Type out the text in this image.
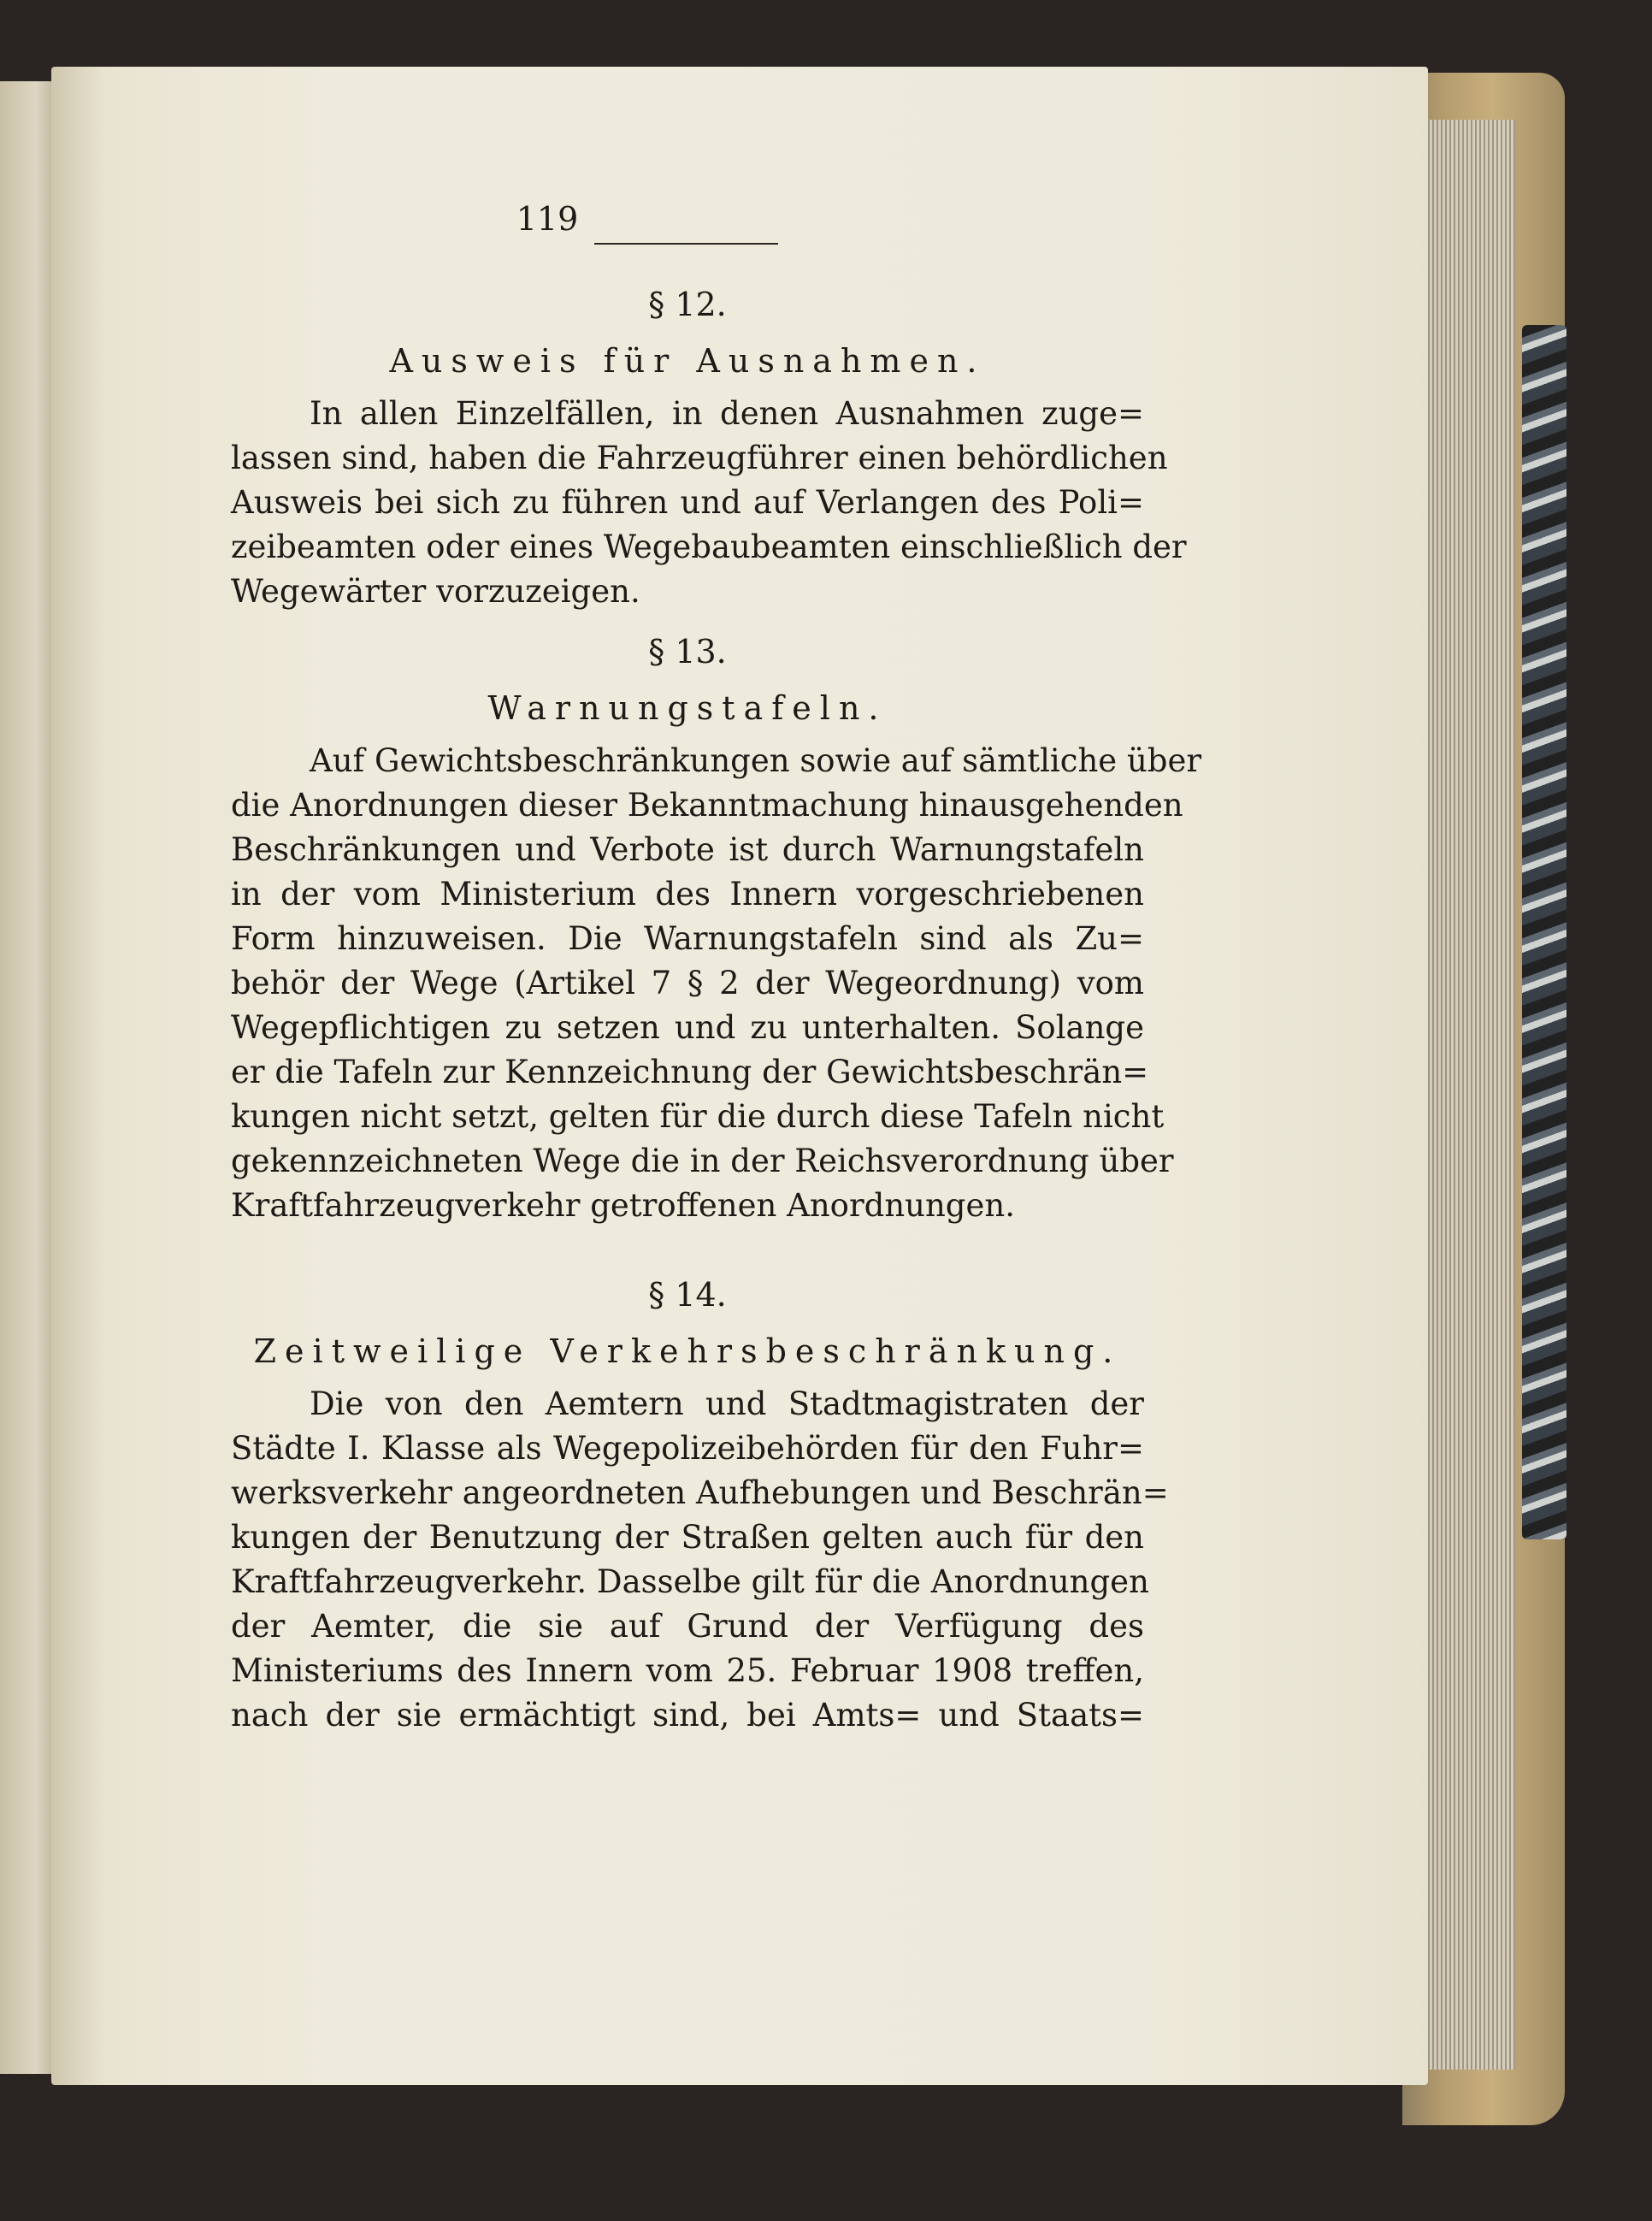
119
§ 12.
Ausweis für Ausnahmen.
In allen Einzelfällen, in denen Ausnahmen zuge=
lassen sind, haben die Fahrzeugführer einen behördlichen
Ausweis bei sich zu führen und auf Verlangen des Poli=
zeibeamten oder eines Wegebaubeamten einschließlich der
Wegewärter vorzuzeigen.
§ 13.
Warnungstafeln.
Auf Gewichtsbeschränkungen sowie auf sämtliche über
die Anordnungen dieser Bekanntmachung hinausgehenden
Beschränkungen und Verbote ist durch Warnungstafeln
in der vom Ministerium des Innern vorgeschriebenen
Form hinzuweisen. Die Warnungstafeln sind als Zu=
behör der Wege (Artikel 7 § 2 der Wegeordnung) vom
Wegepflichtigen zu setzen und zu unterhalten. Solange
er die Tafeln zur Kennzeichnung der Gewichtsbeschrän=
kungen nicht setzt, gelten für die durch diese Tafeln nicht
gekennzeichneten Wege die in der Reichsverordnung über
Kraftfahrzeugverkehr getroffenen Anordnungen.
§ 14.
Zeitweilige Verkehrsbeschränkung.
Die von den Aemtern und Stadtmagistraten der
Städte I. Klasse als Wegepolizeibehörden für den Fuhr=
werksverkehr angeordneten Aufhebungen und Beschrän=
kungen der Benutzung der Straßen gelten auch für den
Kraftfahrzeugverkehr. Dasselbe gilt für die Anordnungen
der Aemter, die sie auf Grund der Verfügung des
Ministeriums des Innern vom 25. Februar 1908 treffen,
nach der sie ermächtigt sind, bei Amts= und Staats=
